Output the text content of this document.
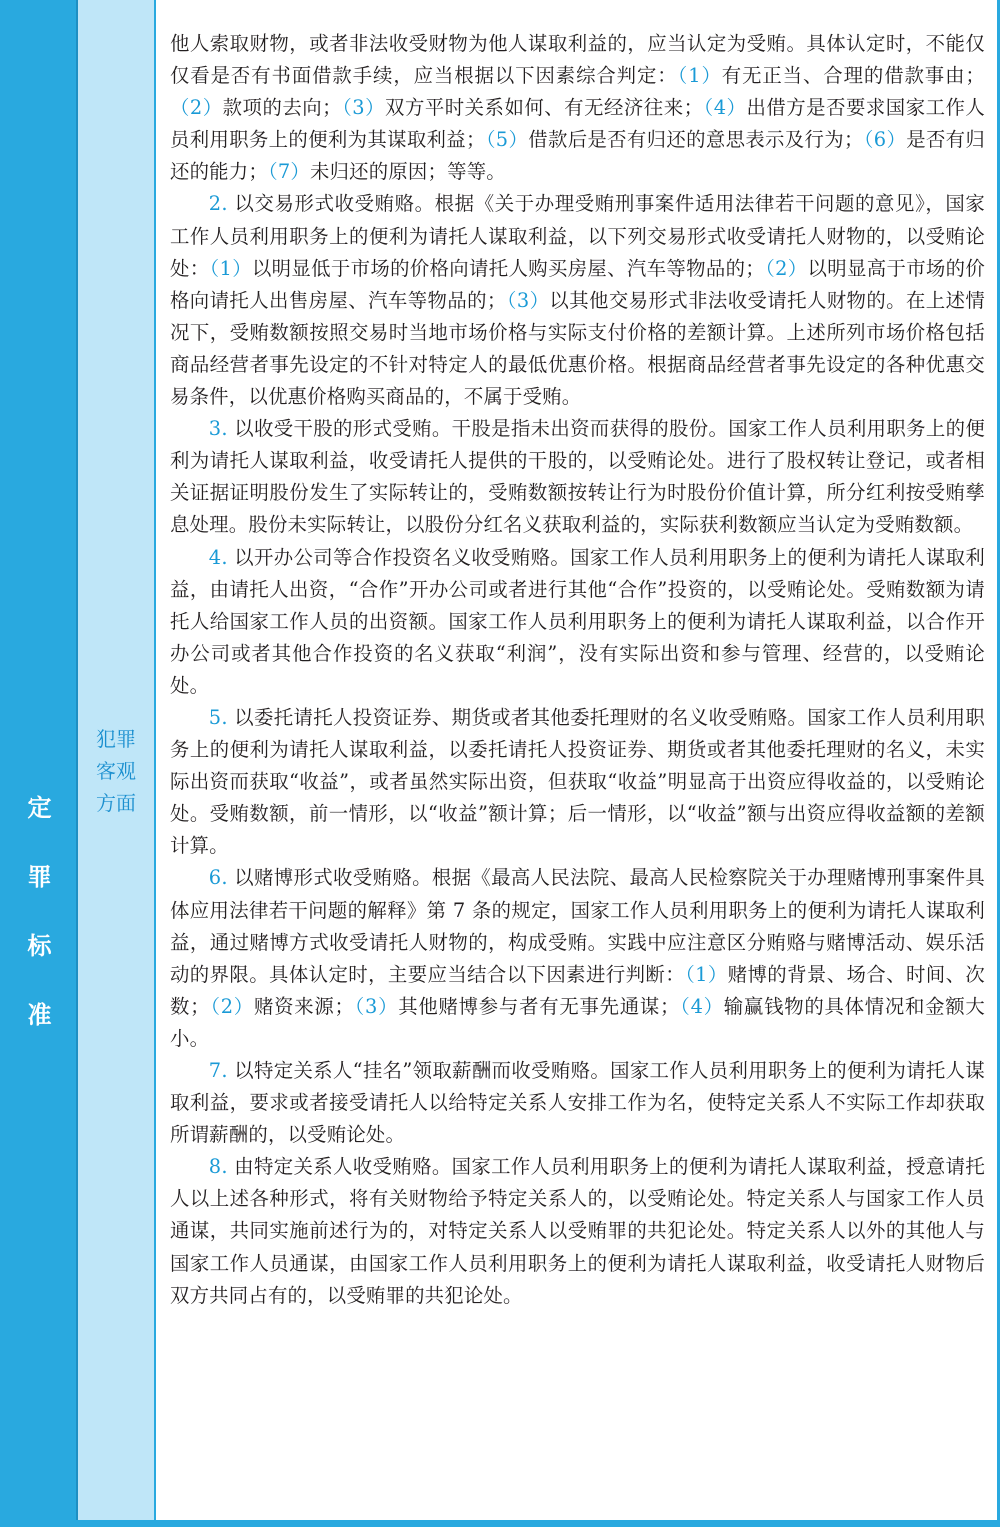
定
罪
标
准
犯罪客观方面

他人索取财物，或者非法收受财物为他人谋取利益的，应当认定为受贿。具体认定时，不能仅仅看是否有书面借款手续，应当根据以下因素综合判定：（1）有无正当、合理的借款事由；（2）款项的去向；（3）双方平时关系如何、有无经济往来；（4）出借方是否要求国家工作人员利用职务上的便利为其谋取利益；（5）借款后是否有归还的意思表示及行为；（6）是否有归还的能力；（7）未归还的原因；等等。

2. 以交易形式收受贿赂。根据《关于办理受贿刑事案件适用法律若干问题的意见》，国家工作人员利用职务上的便利为请托人谋取利益，以下列交易形式收受请托人财物的，以受贿论处：（1）以明显低于市场的价格向请托人购买房屋、汽车等物品的；（2）以明显高于市场的价格向请托人出售房屋、汽车等物品的；（3）以其他交易形式非法收受请托人财物的。在上述情况下，受贿数额按照交易时当地市场价格与实际支付价格的差额计算。上述所列市场价格包括商品经营者事先设定的不针对特定人的最低优惠价格。根据商品经营者事先设定的各种优惠交易条件，以优惠价格购买商品的，不属于受贿。

3. 以收受干股的形式受贿。干股是指未出资而获得的股份。国家工作人员利用职务上的便利为请托人谋取利益，收受请托人提供的干股的，以受贿论处。进行了股权转让登记，或者相关证据证明股份发生了实际转让的，受贿数额按转让行为时股份价值计算，所分红利按受贿孳息处理。股份未实际转让，以股份分红名义获取利益的，实际获利数额应当认定为受贿数额。

4. 以开办公司等合作投资名义收受贿赂。国家工作人员利用职务上的便利为请托人谋取利益，由请托人出资，“合作”开办公司或者进行其他“合作”投资的，以受贿论处。受贿数额为请托人给国家工作人员的出资额。国家工作人员利用职务上的便利为请托人谋取利益，以合作开办公司或者其他合作投资的名义获取“利润”，没有实际出资和参与管理、经营的，以受贿论处。

5. 以委托请托人投资证券、期货或者其他委托理财的名义收受贿赂。国家工作人员利用职务上的便利为请托人谋取利益，以委托请托人投资证券、期货或者其他委托理财的名义，未实际出资而获取“收益”，或者虽然实际出资，但获取“收益”明显高于出资应得收益的，以受贿论处。受贿数额，前一情形，以“收益”额计算；后一情形，以“收益”额与出资应得收益额的差额计算。

6. 以赌博形式收受贿赂。根据《最高人民法院、最高人民检察院关于办理赌博刑事案件具体应用法律若干问题的解释》第 7 条的规定，国家工作人员利用职务上的便利为请托人谋取利益，通过赌博方式收受请托人财物的，构成受贿。实践中应注意区分贿赂与赌博活动、娱乐活动的界限。具体认定时，主要应当结合以下因素进行判断：（1）赌博的背景、场合、时间、次数；（2）赌资来源；（3）其他赌博参与者有无事先通谋；（4）输赢钱物的具体情况和金额大小。

7. 以特定关系人“挂名”领取薪酬而收受贿赂。国家工作人员利用职务上的便利为请托人谋取利益，要求或者接受请托人以给特定关系人安排工作为名，使特定关系人不实际工作却获取所谓薪酬的，以受贿论处。

8. 由特定关系人收受贿赂。国家工作人员利用职务上的便利为请托人谋取利益，授意请托人以上述各种形式，将有关财物给予特定关系人的，以受贿论处。特定关系人与国家工作人员通谋，共同实施前述行为的，对特定关系人以受贿罪的共犯论处。特定关系人以外的其他人与国家工作人员通谋，由国家工作人员利用职务上的便利为请托人谋取利益，收受请托人财物后双方共同占有的，以受贿罪的共犯论处。
